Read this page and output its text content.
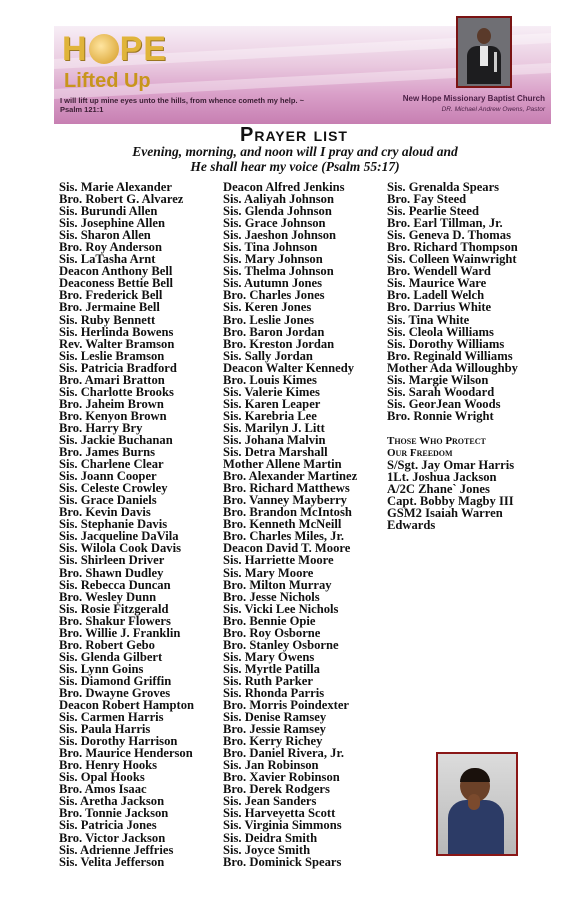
H PE
Lifted Up
I will lift up mine eyes unto the hills, from whence cometh my help. ~ Psalm 121:1
New Hope Missionary Baptist Church
DR. Michael Andrew Owens, Pastor
Prayer list
Evening, morning, and noon will I pray and cry aloud and He shall hear my voice (Psalm 55:17)
Sis. Marie Alexander
Bro. Robert G. Alvarez
Sis. Burundi Allen
Sis. Josephine Allen
Sis. Sharon Allen
Bro. Roy Anderson
Sis. LaTasha Arnt
Deacon Anthony Bell
Deaconess Bettie Bell
Bro. Frederick Bell
Bro. Jermaine Bell
Sis. Ruby Bennett
Sis. Herlinda Bowens
Rev. Walter Bramson
Sis. Leslie Bramson
Sis. Patricia Bradford
Bro. Amari Bratton
Sis. Charlotte Brooks
Bro. Jaheim Brown
Bro. Kenyon Brown
Bro. Harry Bry
Sis. Jackie Buchanan
Bro. James Burns
Sis. Charlene Clear
Sis. Joann Cooper
Sis. Celeste Crowley
Sis. Grace Daniels
Bro. Kevin Davis
Sis. Stephanie Davis
Sis. Jacqueline DaVila
Sis. Wilola Cook Davis
Sis. Shirleen Driver
Bro. Shawn Dudley
Sis. Rebecca Duncan
Bro. Wesley Dunn
Sis. Rosie Fitzgerald
Bro. Shakur Flowers
Bro. Willie J. Franklin
Bro. Robert Gebo
Sis. Glenda Gilbert
Sis. Lynn Goins
Sis. Diamond Griffin
Bro. Dwayne Groves
Deacon Robert Hampton
Sis. Carmen Harris
Sis. Paula Harris
Sis. Dorothy Harrison
Bro. Maurice Henderson
Bro. Henry Hooks
Sis. Opal Hooks
Bro. Amos Isaac
Sis. Aretha Jackson
Bro. Tonnie Jackson
Sis. Patricia Jones
Bro. Victor Jackson
Sis. Adrienne Jeffries
Sis. Velita Jefferson
Deacon Alfred Jenkins
Sis. Aaliyah Johnson
Sis. Glenda Johnson
Sis. Grace Johnson
Sis. Jaeshon Johnson
Sis. Tina Johnson
Sis. Mary Johnson
Sis. Thelma Johnson
Sis. Autumn Jones
Bro. Charles Jones
Sis. Keren Jones
Bro. Leslie Jones
Bro. Baron Jordan
Bro. Kreston Jordan
Sis. Sally Jordan
Deacon Walter Kennedy
Bro. Louis Kimes
Sis. Valerie Kimes
Sis. Karen Leaper
Sis. Karebria Lee
Sis. Marilyn J. Litt
Sis. Johana Malvin
Sis. Detra Marshall
Mother Allene Martin
Bro. Alexander Martinez
Bro. Richard Matthews
Bro. Vanney Mayberry
Bro. Brandon McIntosh
Bro. Kenneth McNeill
Bro. Charles Miles, Jr.
Deacon David T. Moore
Sis. Harriette Moore
Sis. Mary Moore
Bro. Milton Murray
Bro. Jesse Nichols
Sis. Vicki Lee Nichols
Bro. Bennie Opie
Bro. Roy Osborne
Bro. Stanley Osborne
Sis. Mary Owens
Sis. Myrtle Patilla
Sis. Ruth Parker
Sis. Rhonda Parris
Bro. Morris Poindexter
Sis. Denise Ramsey
Bro. Jessie Ramsey
Bro. Kerry Richey
Bro. Daniel Rivera, Jr.
Sis. Jan Robinson
Bro. Xavier Robinson
Bro. Derek Rodgers
Sis. Jean Sanders
Sis. Harveyetta Scott
Sis. Virginia Simmons
Sis. Deidra Smith
Sis. Joyce Smith
Bro. Dominick Spears
Sis. Grenalda Spears
Bro. Fay Steed
Sis. Pearlie Steed
Bro. Earl Tillman, Jr.
Sis. Geneva D. Thomas
Bro. Richard Thompson
Sis. Colleen Wainwright
Bro. Wendell Ward
Sis. Maurice Ware
Bro. Ladell Welch
Bro. Darrius White
Sis. Tina White
Sis. Cleola Williams
Sis. Dorothy Williams
Bro. Reginald Williams
Mother Ada Willoughby
Sis. Margie Wilson
Sis. Sarah Woodard
Sis. GeorJean Woods
Bro. Ronnie Wright
Those Who Protect
Our Freedom
S/Sgt. Jay Omar Harris
1Lt. Joshua Jackson
A/2C Zhane` Jones
Capt. Bobby Magby III
GSM2 Isaiah Warren
Edwards
